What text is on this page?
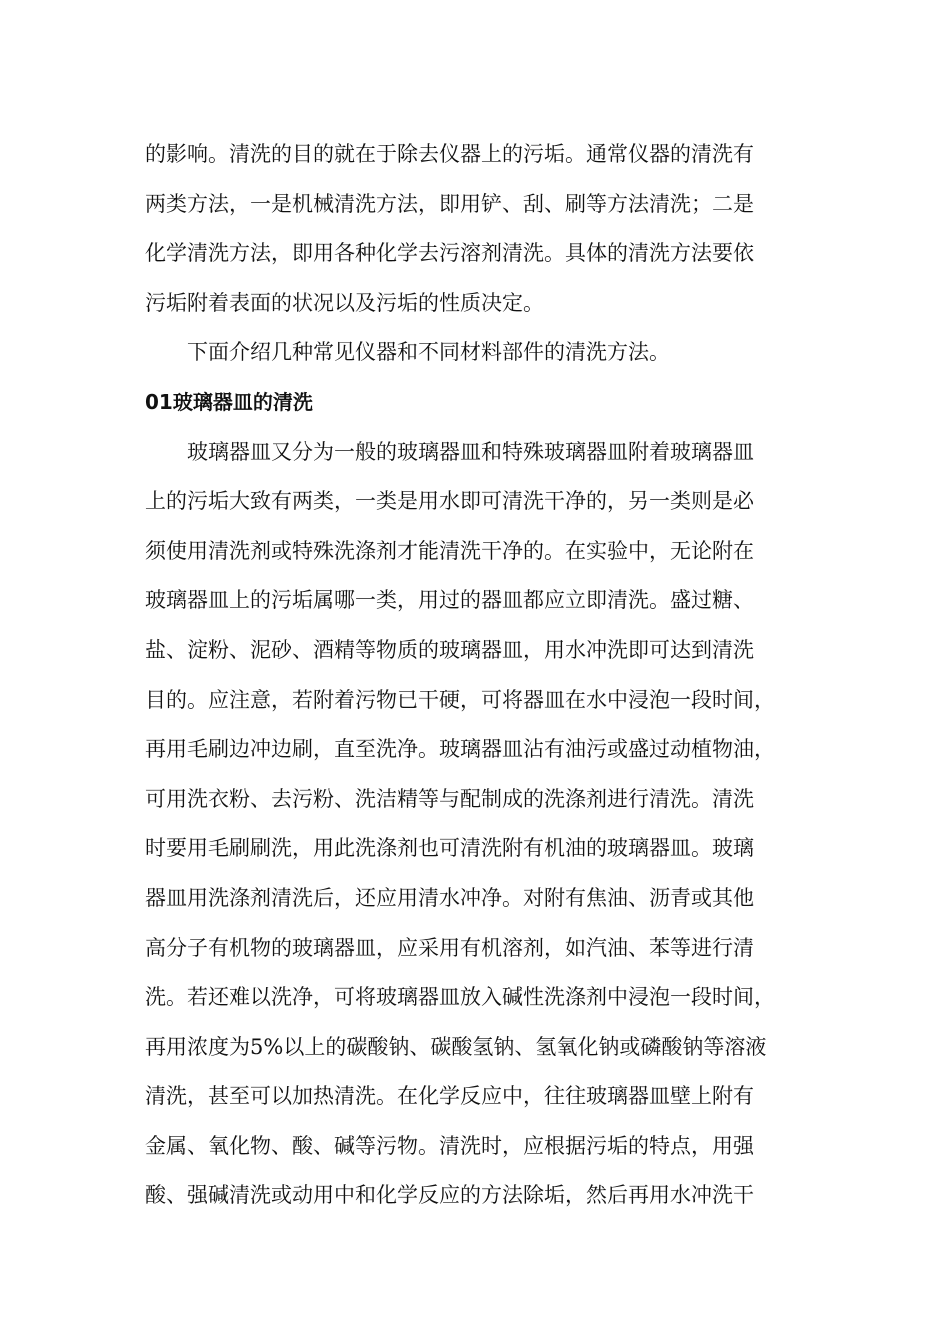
的影响。清洗的目的就在于除去仪器上的污垢。通常仪器的清洗有
两类方法，一是机械清洗方法，即用铲、刮、刷等方法清洗；二是
化学清洗方法，即用各种化学去污溶剂清洗。具体的清洗方法要依
污垢附着表面的状况以及污垢的性质决定。
下面介绍几种常见仪器和不同材料部件的清洗方法。
01玻璃器皿的清洗
玻璃器皿又分为一般的玻璃器皿和特殊玻璃器皿附着玻璃器皿
上的污垢大致有两类，一类是用水即可清洗干净的，另一类则是必
须使用清洗剂或特殊洗涤剂才能清洗干净的。在实验中，无论附在
玻璃器皿上的污垢属哪一类，用过的器皿都应立即清洗。盛过糖、
盐、淀粉、泥砂、酒精等物质的玻璃器皿，用水冲洗即可达到清洗
目的。应注意，若附着污物已干硬，可将器皿在水中浸泡一段时间，
再用毛刷边冲边刷，直至洗净。玻璃器皿沾有油污或盛过动植物油，
可用洗衣粉、去污粉、洗洁精等与配制成的洗涤剂进行清洗。清洗
时要用毛刷刷洗，用此洗涤剂也可清洗附有机油的玻璃器皿。玻璃
器皿用洗涤剂清洗后，还应用清水冲净。对附有焦油、沥青或其他
高分子有机物的玻璃器皿，应采用有机溶剂，如汽油、苯等进行清
洗。若还难以洗净，可将玻璃器皿放入碱性洗涤剂中浸泡一段时间，
再用浓度为5%以上的碳酸钠、碳酸氢钠、氢氧化钠或磷酸钠等溶液
清洗，甚至可以加热清洗。在化学反应中，往往玻璃器皿壁上附有
金属、氧化物、酸、碱等污物。清洗时，应根据污垢的特点，用强
酸、强碱清洗或动用中和化学反应的方法除垢，然后再用水冲洗干
